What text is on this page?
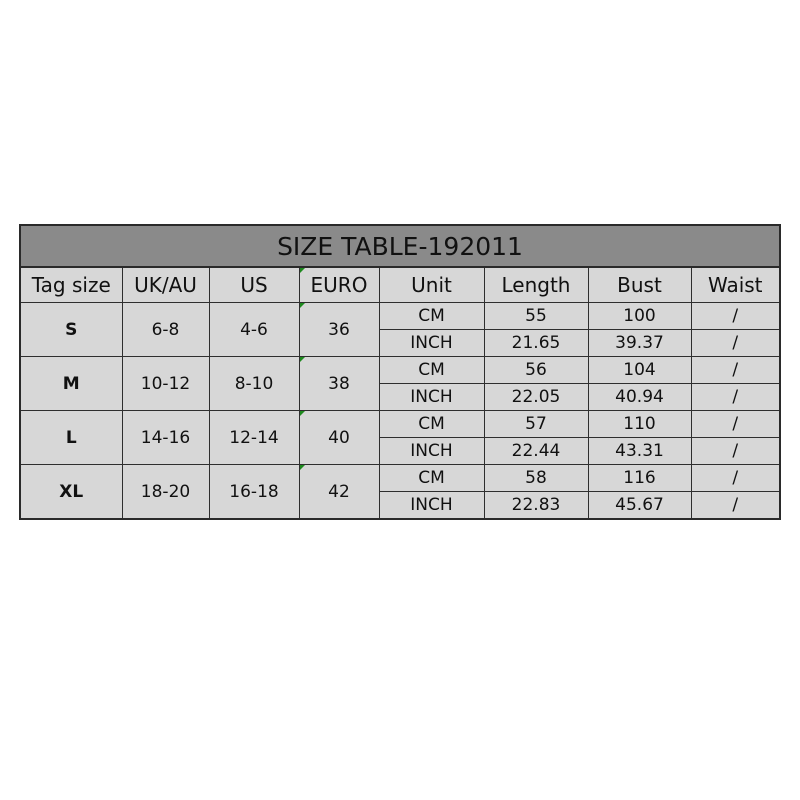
SIZE TABLE-192011							
Tag size	UK/AU	US	EURO	Unit	Length	Bust	Waist
S	6-8	4-6	36	CM	55	100	/
				INCH	21.65	39.37	/
M	10-12	8-10	38	CM	56	104	/
				INCH	22.05	40.94	/
L	14-16	12-14	40	CM	57	110	/
				INCH	22.44	43.31	/
XL	18-20	16-18	42	CM	58	116	/
				INCH	22.83	45.67	/
